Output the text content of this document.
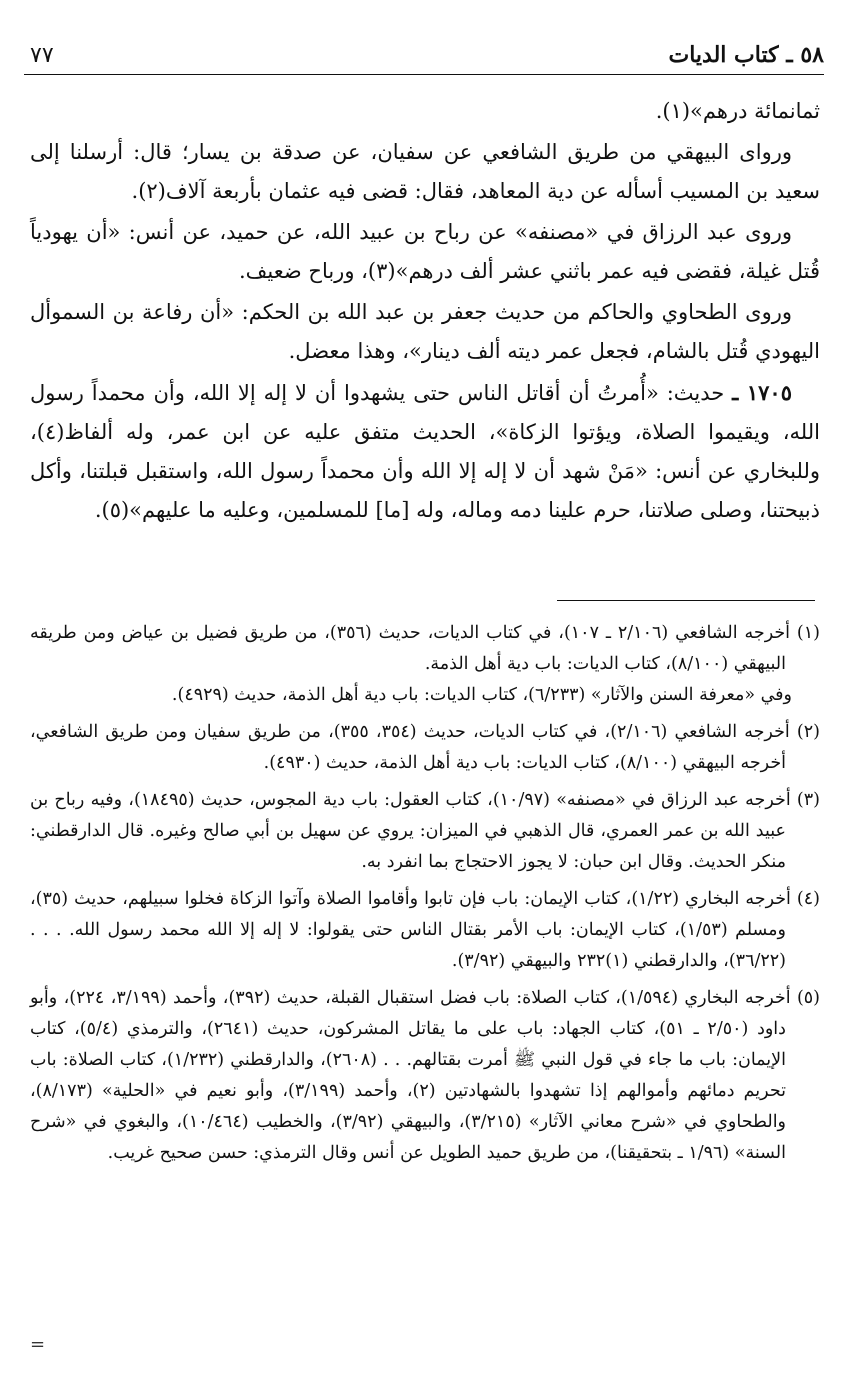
٥٨ ـ كتاب الديات
٧٧

ثمانمائة درهم»(١).

ورواى البيهقي من طريق الشافعي عن سفيان، عن صدقة بن يسار؛ قال: أرسلنا إلى سعيد بن المسيب أسأله عن دية المعاهد، فقال: قضى فيه عثمان بأربعة آلاف(٢).

وروى عبد الرزاق في «مصنفه» عن رباح بن عبيد الله، عن حميد، عن أنس: «أن يهودياً قُتل غيلة، فقضى فيه عمر باثني عشر ألف درهم»(٣)، ورباح ضعيف.

وروى الطحاوي والحاكم من حديث جعفر بن عبد الله بن الحكم: «أن رفاعة بن السموأل اليهودي قُتل بالشام، فجعل عمر ديته ألف دينار»، وهذا معضل.

١٧٠٥ ـ حديث: «أُمرتُ أن أقاتل الناس حتى يشهدوا أن لا إله إلا الله، وأن محمداً رسول الله، ويقيموا الصلاة، ويؤتوا الزكاة»، الحديث متفق عليه عن ابن عمر، وله ألفاظ(٤)، وللبخاري عن أنس: «مَنْ شهد أن لا إله إلا الله وأن محمداً رسول الله، واستقبل قبلتنا، وأكل ذبيحتنا، وصلى صلاتنا، حرم علينا دمه وماله، وله [ما] للمسلمين، وعليه ما عليهم»(٥).

(١) أخرجه الشافعي (٢/١٠٦ ـ ١٠٧)، في كتاب الديات، حديث (٣٥٦)، من طريق فضيل بن عياض ومن طريقه البيهقي (٨/١٠٠)، كتاب الديات: باب دية أهل الذمة.

وفي «معرفة السنن والآثار» (٦/٢٣٣)، كتاب الديات: باب دية أهل الذمة، حديث (٤٩٢٩).

(٢) أخرجه الشافعي (٢/١٠٦)، في كتاب الديات، حديث (٣٥٤، ٣٥٥)، من طريق سفيان ومن طريق الشافعي، أخرجه البيهقي (٨/١٠٠)، كتاب الديات: باب دية أهل الذمة، حديث (٤٩٣٠).

(٣) أخرجه عبد الرزاق في «مصنفه» (١٠/٩٧)، كتاب العقول: باب دية المجوس، حديث (١٨٤٩٥)، وفيه رباح بن عبيد الله بن عمر العمري، قال الذهبي في الميزان: يروي عن سهيل بن أبي صالح وغيره. قال الدارقطني: منكر الحديث. وقال ابن حبان: لا يجوز الاحتجاج بما انفرد به.

(٤) أخرجه البخاري (١/٢٢)، كتاب الإيمان: باب فإن تابوا وأقاموا الصلاة وآتوا الزكاة فخلوا سبيلهم، حديث (٣٥)، ومسلم (١/٥٣)، كتاب الإيمان: باب الأمر بقتال الناس حتى يقولوا: لا إله إلا الله محمد رسول الله. . . . (٣٦/٢٢)، والدارقطني (١)٢٣٢ والبيهقي (٣/٩٢).

(٥) أخرجه البخاري (١/٥٩٤)، كتاب الصلاة: باب فضل استقبال القبلة، حديث (٣٩٢)، وأحمد (٣/١٩٩، ٢٢٤)، وأبو داود (٢/٥٠ ـ ٥١)، كتاب الجهاد: باب على ما يقاتل المشركون، حديث (٢٦٤١)، والترمذي (٥/٤)، كتاب الإيمان: باب ما جاء في قول النبي ﷺ أمرت بقتالهم. . . (٢٦٠٨)، والدارقطني (١/٢٣٢)، كتاب الصلاة: باب تحريم دمائهم وأموالهم إذا تشهدوا بالشهادتين (٢)، وأحمد (٣/١٩٩)، وأبو نعيم في «الحلية» (٨/١٧٣)، والطحاوي في «شرح معاني الآثار» (٣/٢١٥)، والبيهقي (٣/٩٢)، والخطيب (١٠/٤٦٤)، والبغوي في «شرح السنة» (١/٩٦ ـ بتحقيقنا)، من طريق حميد الطويل عن أنس وقال الترمذي: حسن صحيح غريب.

=
